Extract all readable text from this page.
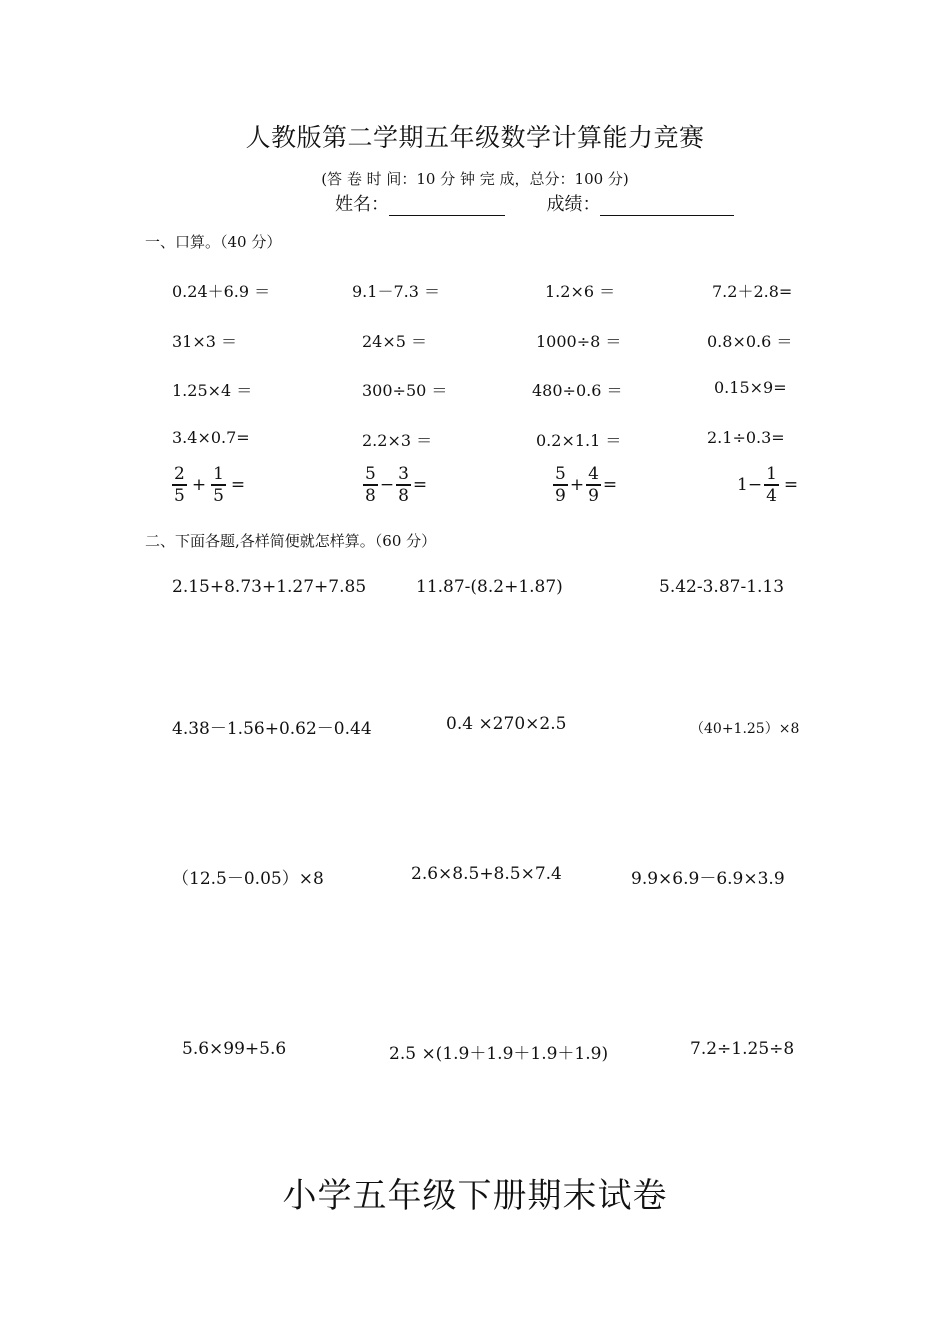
人教版第二学期五年级数学计算能力竞赛
(答 卷 时 间：10 分 钟 完 成，总分：100 分)
姓名：	成绩：
一、口算。（40 分）
0.24＋6.9 ＝	9.1－7.3 ＝	1.2×6 ＝	7.2＋2.8=
31×3 ＝	24×5 ＝	1000÷8 ＝	0.8×0.6 ＝
1.25×4 ＝	300÷50 ＝	480÷0.6 ＝	0.15×9=
3.4×0.7=	2.2×3 ＝	0.2×1.1 ＝	2.1÷0.3=
$\frac{2}{5} + \frac{1}{5}$ =	$\frac{5}{8} - \frac{3}{8}$ =	$\frac{5}{9} + \frac{4}{9}$ =	$1- \frac{1}{4}$ =
二、下面各题,各样简便就怎样算。（60 分）
2.15+8.73+1.27+7.85	11.87-(8.2+1.87)	5.42-3.87-1.13
4.38－1.56+0.62－0.44	0.4 ×270×2.5	（40+1.25）×8
（12.5－0.05）×8	2.6×8.5+8.5×7.4	9.9×6.9－6.9×3.9
5.6×99+5.6	2.5 ×(1.9＋1.9＋1.9＋1.9)	7.2÷1.25÷8
小学五年级下册期末试卷
